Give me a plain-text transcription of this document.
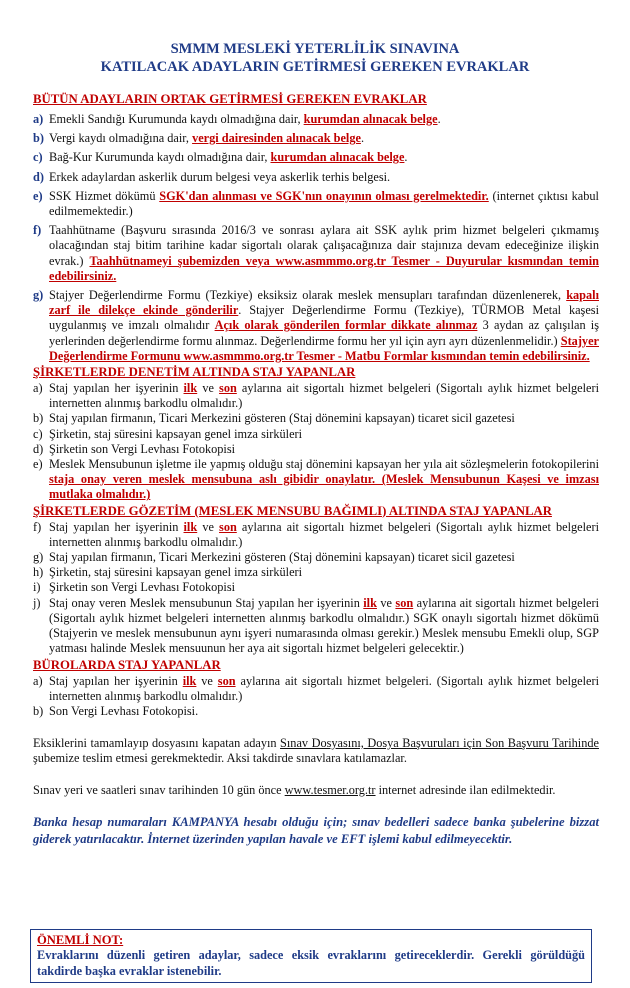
SMMM MESLEKİ YETERLİLİK SINAVINA
KATILACAK ADAYLARIN GETİRMESİ GEREKEN EVRAKLAR

BÜTÜN ADAYLARIN ORTAK GETİRMESİ GEREKEN EVRAKLAR

a) Emekli Sandığı Kurumunda kaydı olmadığına dair, kurumdan alınacak belge.

b) Vergi kaydı olmadığına dair, vergi dairesinden alınacak belge.

c) Bağ-Kur Kurumunda kaydı olmadığına dair, kurumdan alınacak belge.

d) Erkek adaylardan askerlik durum belgesi veya askerlik terhis belgesi.

e) SSK Hizmet dökümü SGK'dan alınması ve SGK'nın onayının olması gerelmektedir. (internet çıktısı kabul edilmemektedir.)

f) Taahhütname (Başvuru sırasında 2016/3 ve sonrası aylara ait SSK aylık prim hizmet belgeleri çıkmamış olacağından staj bitim tarihine kadar sigortalı olarak çalışacağınıza dair stajınıza devam edeceğinize ilişkin evrak.) Taahhütnameyi şubemizden veya www.asmmmo.org.tr Tesmer - Duyurular kısmından temin edebilirsiniz.

g) Stajyer Değerlendirme Formu (Tezkiye) eksiksiz olarak meslek mensupları tarafından düzenlenerek, kapalı zarf ile dilekçe ekinde gönderilir. Stajyer Değerlendirme Formu (Tezkiye), TÜRMOB Metal kaşesi uygulanmış ve imzalı olmalıdır Açık olarak gönderilen formlar dikkate alınmaz 3 aydan az çalışılan iş yerlerinden değerlendirme formu alınmaz. Değerlendirme formu her yıl için ayrı ayrı düzenlenmelidir.) Stajyer Değerlendirme Formunu www.asmmmo.org.tr Tesmer - Matbu Formlar kısmından temin edebilirsiniz.

ŞİRKETLERDE DENETİM ALTINDA STAJ YAPANLAR

a) Staj yapılan her işyerinin ilk ve son aylarına ait sigortalı hizmet belgeleri (Sigortalı aylık hizmet belgeleri internetten alınmış barkodlu olmalıdır.)

b) Staj yapılan firmanın, Ticari Merkezini gösteren (Staj dönemini kapsayan) ticaret sicil gazetesi

c) Şirketin, staj süresini kapsayan genel imza sirküleri

d) Şirketin son Vergi Levhası Fotokopisi

e) Meslek Mensubunun işletme ile yapmış olduğu staj dönemini kapsayan her yıla ait sözleşmelerin fotokopilerini staja onay veren meslek mensubuna aslı gibidir onaylatır. (Meslek Mensubunun Kaşesi ve imzası mutlaka olmalıdır.)

ŞİRKETLERDE GÖZETİM (MESLEK MENSUBU BAĞIMLI) ALTINDA STAJ YAPANLAR

f) Staj yapılan her işyerinin ilk ve son aylarına ait sigortalı hizmet belgeleri (Sigortalı aylık hizmet belgeleri internetten alınmış barkodlu olmalıdır.)

g) Staj yapılan firmanın, Ticari Merkezini gösteren (Staj dönemini kapsayan) ticaret sicil gazetesi

h) Şirketin, staj süresini kapsayan genel imza sirküleri

i) Şirketin son Vergi Levhası Fotokopisi

j) Staj onay veren Meslek mensubunun Staj yapılan her işyerinin ilk ve son aylarına ait sigortalı hizmet belgeleri (Sigortalı aylık hizmet belgeleri internetten alınmış barkodlu olmalıdır.) SGK onaylı sigortalı hizmet dökümü (Stajyerin ve meslek mensubunun aynı işyeri numarasında olması gerekir.) Meslek mensubu Emekli olup, SGP yatması halinde Meslek mensuunun her aya ait sigortalı hizmet belgeleri gelecektir.)

BÜROLARDA STAJ YAPANLAR

a) Staj yapılan her işyerinin ilk ve son aylarına ait sigortalı hizmet belgeleri. (Sigortalı aylık hizmet belgeleri internetten alınmış barkodlu olmalıdır.)

b) Son Vergi Levhası Fotokopisi.

Eksiklerini tamamlayıp dosyasını kapatan adayın Sınav Dosyasını, Dosya Başvuruları için Son Başvuru Tarihinde şubemize teslim etmesi gerekmektedir. Aksi takdirde sınavlara katılamazlar.

Sınav yeri ve saatleri sınav tarihinden 10 gün önce www.tesmer.org.tr internet adresinde ilan edilmektedir.

Banka hesap numaraları KAMPANYA hesabı olduğu için; sınav bedelleri sadece banka şubelerine bizzat giderek yatırılacaktır. İnternet üzerinden yapılan havale ve EFT işlemi kabul edilmeyecektir.

ÖNEMLİ NOT:
Evraklarını düzenli getiren adaylar, sadece eksik evraklarını getireceklerdir. Gerekli görüldüğü takdirde başka evraklar istenebilir.
